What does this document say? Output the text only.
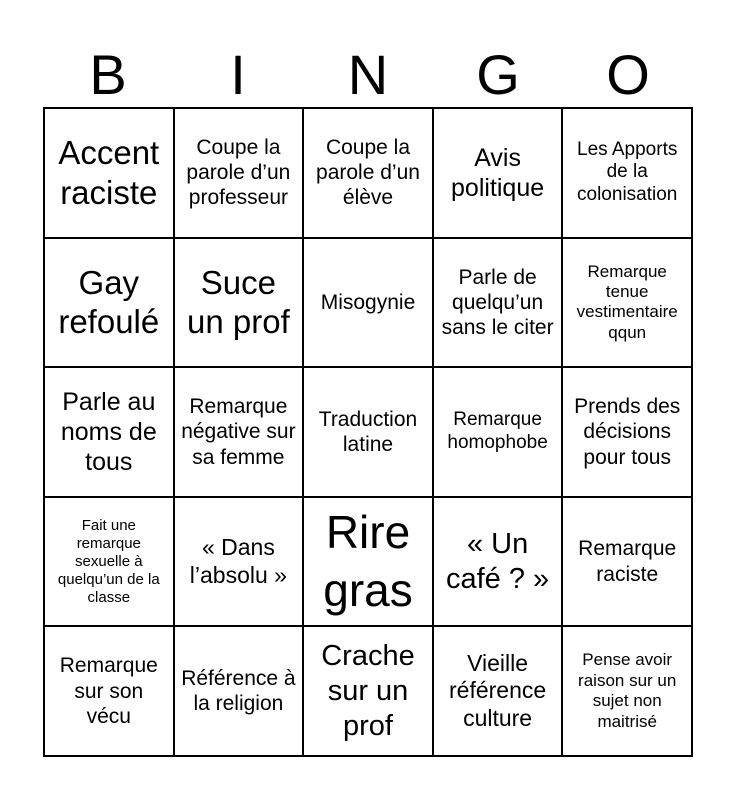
B	I	N	G	O
Accent raciste
Coupe la parole d’un professeur
Coupe la parole d’un élève
Avis politique
Les Apports de la colonisation
Gay refoulé
Suce un prof
Misogynie
Parle de quelqu’un sans le citer
Remarque tenue vestimentaire qqun
Parle au noms de tous
Remarque négative sur sa femme
Traduction latine
Remarque homophobe
Prends des décisions pour tous
Fait une remarque sexuelle à quelqu’un de la classe
« Dans l’absolu »
Rire gras
« Un café ? »
Remarque raciste
Remarque sur son vécu
Référence à la religion
Crache sur un prof
Vieille référence culture
Pense avoir raison sur un sujet non maitrisé
